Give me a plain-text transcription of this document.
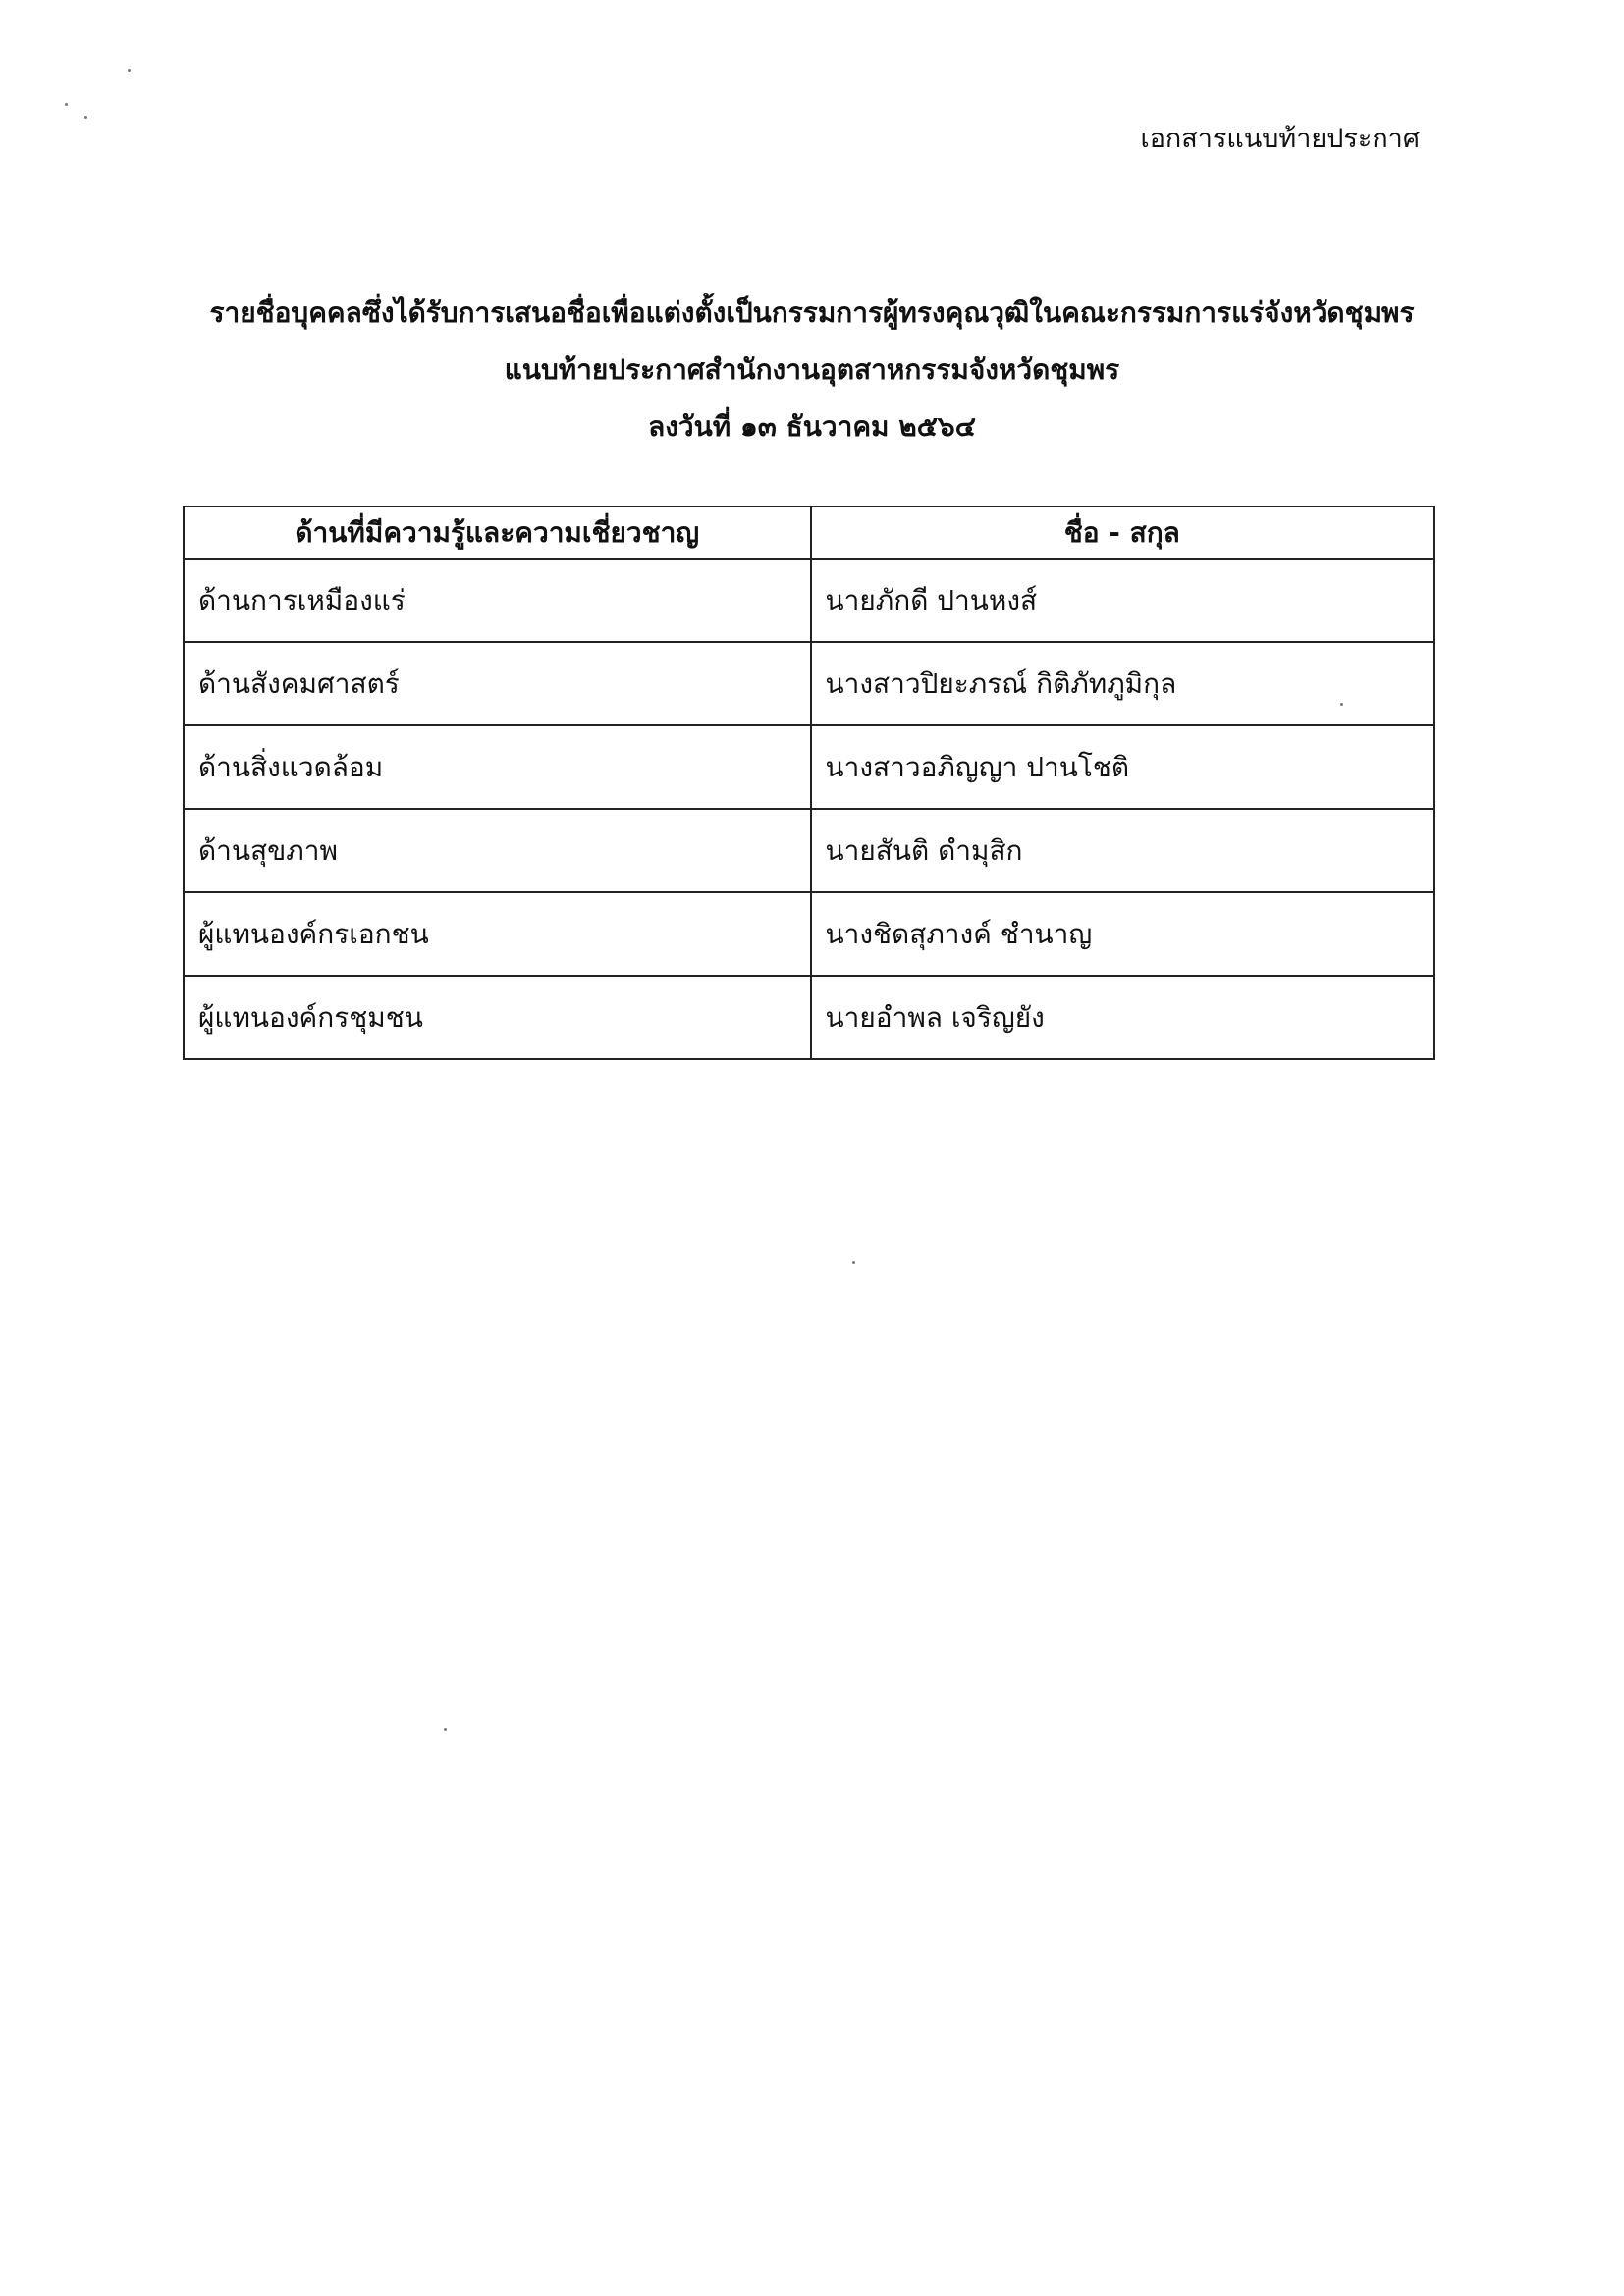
เอกสารแนบท้ายประกาศ
รายชื่อบุคคลซึ่งได้รับการเสนอชื่อเพื่อแต่งตั้งเป็นกรรมการผู้ทรงคุณวุฒิในคณะกรรมการแร่จังหวัดชุมพร
แนบท้ายประกาศสำนักงานอุตสาหกรรมจังหวัดชุมพร
ลงวันที่ ๑๓ ธันวาคม ๒๕๖๔
ด้านที่มีความรู้และความเชี่ยวชาญ	ชื่อ - สกุล
ด้านการเหมืองแร่	นายภักดี ปานหงส์
ด้านสังคมศาสตร์	นางสาวปิยะภรณ์ กิติภัทภูมิกุล
ด้านสิ่งแวดล้อม	นางสาวอภิญญา ปานโชติ
ด้านสุขภาพ	นายสันติ ดำมุสิก
ผู้แทนองค์กรเอกชน	นางชิดสุภางค์ ชำนาญ
ผู้แทนองค์กรชุมชน	นายอำพล เจริญยัง
